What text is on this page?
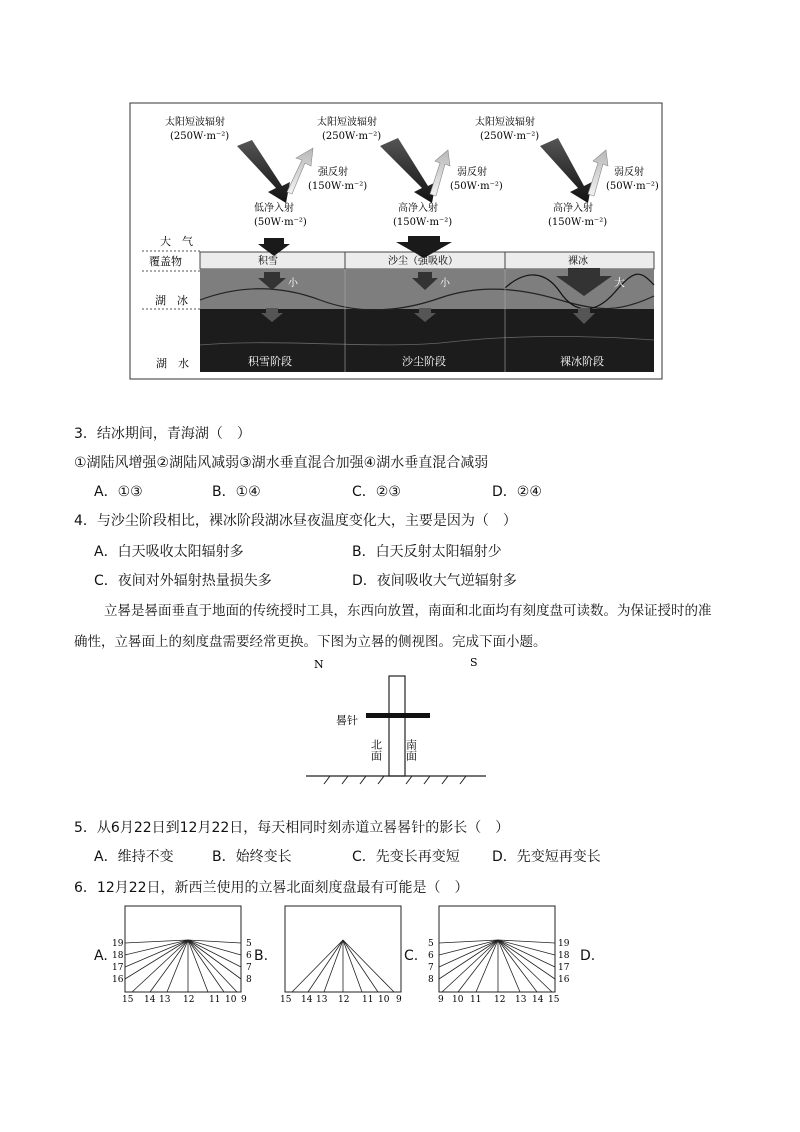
大　气
覆盖物
湖　冰
湖　水
太阳短波辐射
(250W·m⁻²)
强反射
(150W·m⁻²)
低净入射
(50W·m⁻²)
积雪
小
积雪阶段
太阳短波辐射
(250W·m⁻²)
弱反射
(50W·m⁻²)
高净入射
(150W·m⁻²)
沙尘（强吸收）
小
沙尘阶段
太阳短波辐射
(250W·m⁻²)
弱反射
(50W·m⁻²)
高净入射
(150W·m⁻²)
裸冰
大
裸冰阶段
3．结冰期间，青海湖（　）
①湖陆风增强②湖陆风减弱③湖水垂直混合加强④湖水垂直混合减弱
A．①③	B．①④	C．②③	D．②④
4．与沙尘阶段相比，裸冰阶段湖冰昼夜温度变化大，主要是因为（　）
A．白天吸收太阳辐射多	B．白天反射太阳辐射少
C．夜间对外辐射热量损失多	D．夜间吸收大气逆辐射多
立晷是晷面垂直于地面的传统授时工具，东西向放置，南面和北面均有刻度盘可读数。为保证授时的准确性，立晷面上的刻度盘需要经常更换。下图为立晷的侧视图。完成下面小题。
N	S
晷针
北面 南面
5．从6月22日到12月22日，每天相同时刻赤道立晷晷针的影长（　）
A．维持不变	B．始终变长	C．先变长再变短 D．先变短再变长
6．12月22日，新西兰使用的立晷北面刻度盘最有可能是（　）
A.	B.	C.	D.
19
18
17
16
5
6
7
8
15 14 13 12 11 10 9	15 14 13 12 11 10 9
5
6
7
8
19
18
17
16
9 10 11 12 13 14 15
